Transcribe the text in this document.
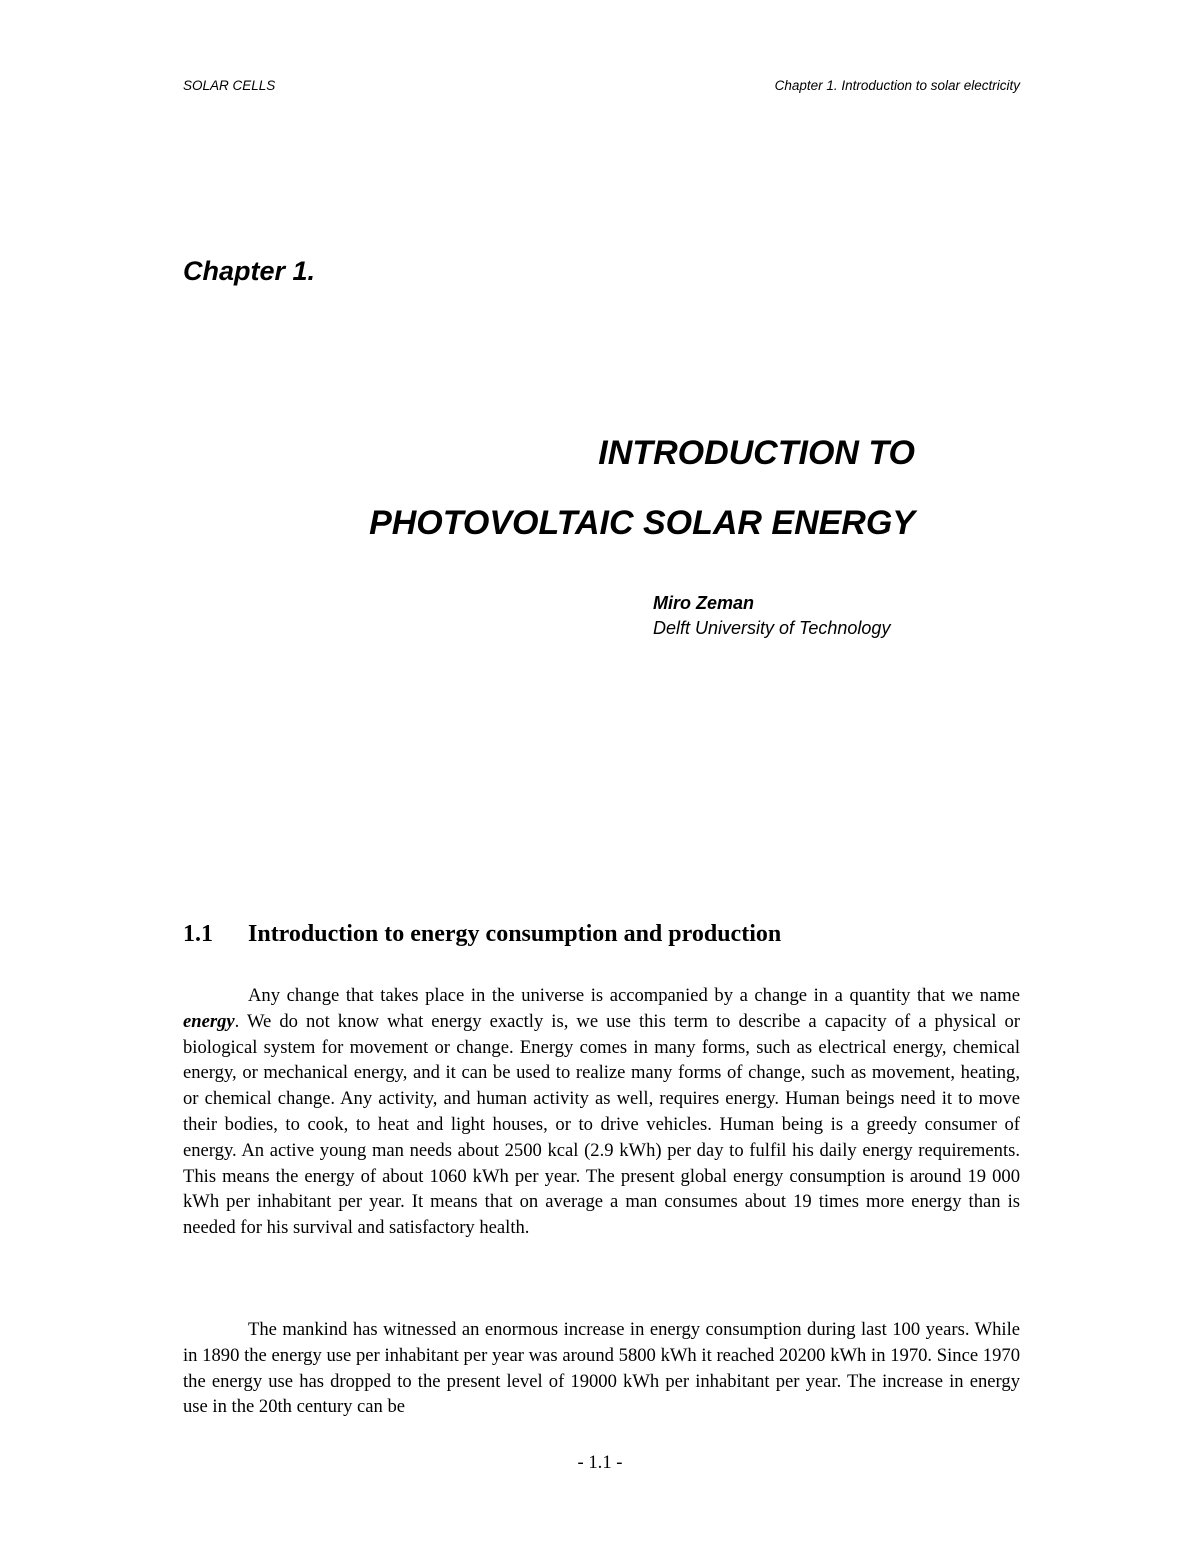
SOLAR CELLS	Chapter 1. Introduction to solar electricity
Chapter 1.
INTRODUCTION TO
PHOTOVOLTAIC SOLAR ENERGY
Miro Zeman
Delft University of Technology
1.1 Introduction to energy consumption and production

Any change that takes place in the universe is accompanied by a change in a quantity that we name energy. We do not know what energy exactly is, we use this term to describe a capacity of a physical or biological system for movement or change. Energy comes in many forms, such as electrical energy, chemical energy, or mechanical energy, and it can be used to realize many forms of change, such as movement, heating, or chemical change. Any activity, and human activity as well, requires energy. Human beings need it to move their bodies, to cook, to heat and light houses, or to drive vehicles. Human being is a greedy consumer of energy. An active young man needs about 2500 kcal (2.9 kWh) per day to fulfil his daily energy requirements. This means the energy of about 1060 kWh per year. The present global energy consumption is around 19 000 kWh per inhabitant per year. It means that on average a man consumes about 19 times more energy than is needed for his survival and satisfactory health.

The mankind has witnessed an enormous increase in energy consumption during last 100 years. While in 1890 the energy use per inhabitant per year was around 5800 kWh it reached 20200 kWh in 1970. Since 1970 the energy use has dropped to the present level of 19000 kWh per inhabitant per year. The increase in energy use in the 20th century can be

- 1.1 -
